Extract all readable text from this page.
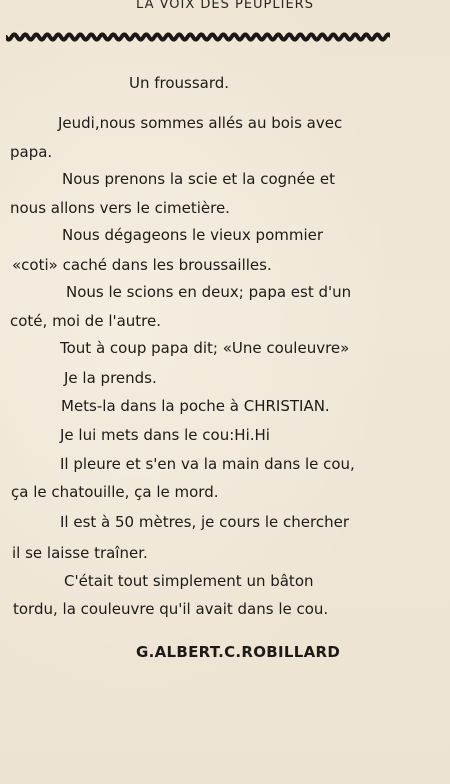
LA VOIX DES PEUPLIERS
Un froussard.
Jeudi,nous sommes allés au bois avec
papa.
Nous prenons la scie et la cognée et
nous allons vers le cimetière.
Nous dégageons le vieux pommier
«coti» caché dans les broussailles.
Nous le scions en deux; papa est d'un
coté, moi de l'autre.
Tout à coup papa dit; «Une couleuvre»
Je la prends.
Mets-la dans la poche à CHRISTIAN.
Je lui mets dans le cou:Hi.Hi
Il pleure et s'en va la main dans le cou,
ça le chatouille, ça le mord.
Il est à 50 mètres, je cours le chercher
il se laisse traîner.
C'était tout simplement un bâton
tordu, la couleuvre qu'il avait dans le cou.
G.ALBERT.C.ROBILLARD
